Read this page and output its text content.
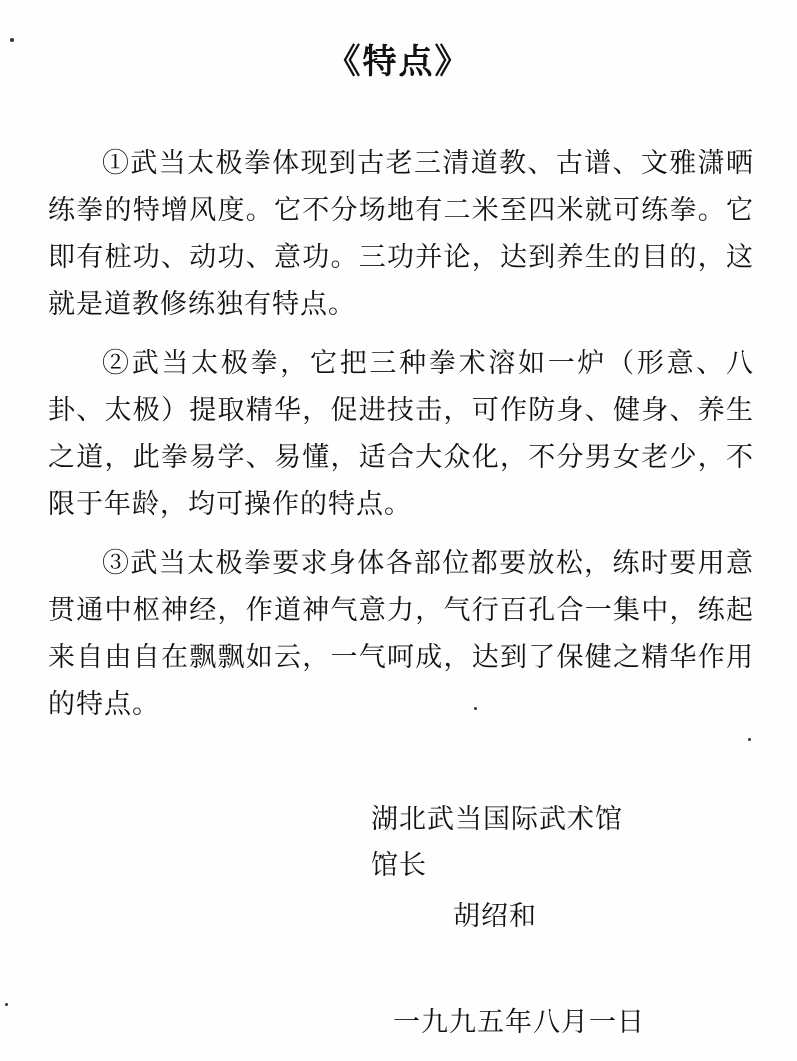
《特点》
①武当太极拳体现到古老三清道教、古谱、文雅潇晒练拳的特增风度。它不分场地有二米至四米就可练拳。它即有桩功、动功、意功。三功并论，达到养生的目的，这就是道教修练独有特点。
②武当太极拳，它把三种拳术溶如一炉（形意、八卦、太极）提取精华，促进技击，可作防身、健身、养生之道，此拳易学、易懂，适合大众化，不分男女老少，不限于年龄，均可操作的特点。
③武当太极拳要求身体各部位都要放松，练时要用意贯通中枢神经，作道神气意力，气行百孔合一集中，练起来自由自在飘飘如云，一气呵成，达到了保健之精华作用的特点。
湖北武当国际武术馆
馆长
胡绍和
一九九五年八月一日
